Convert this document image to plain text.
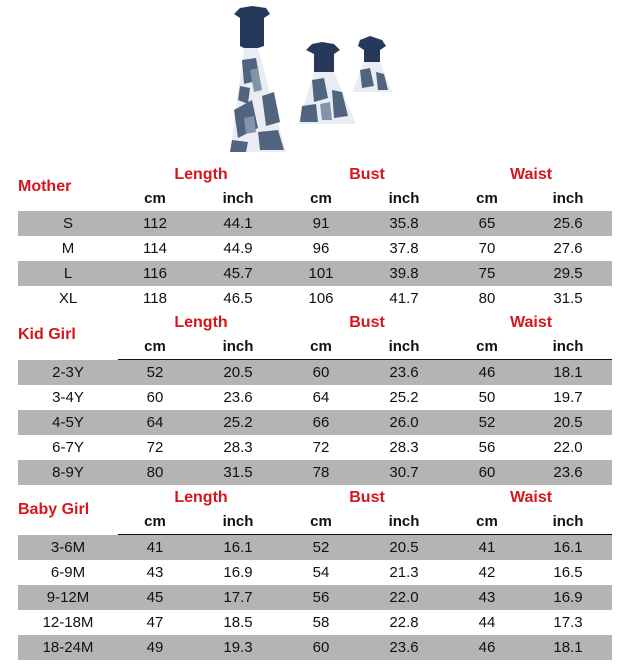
Mother	Length		Bust		Waist	
	cm	inch	cm	inch	cm	inch
S	112	44.1	91	35.8	65	25.6
M	114	44.9	96	37.8	70	27.6
L	116	45.7	101	39.8	75	29.5
XL	118	46.5	106	41.7	80	31.5
Kid Girl	Length		Bust		Waist	
	cm	inch	cm	inch	cm	inch
2-3Y	52	20.5	60	23.6	46	18.1
3-4Y	60	23.6	64	25.2	50	19.7
4-5Y	64	25.2	66	26.0	52	20.5
6-7Y	72	28.3	72	28.3	56	22.0
8-9Y	80	31.5	78	30.7	60	23.6
Baby Girl	Length		Bust		Waist	
	cm	inch	cm	inch	cm	inch
3-6M	41	16.1	52	20.5	41	16.1
6-9M	43	16.9	54	21.3	42	16.5
9-12M	45	17.7	56	22.0	43	16.9
12-18M	47	18.5	58	22.8	44	17.3
18-24M	49	19.3	60	23.6	46	18.1
